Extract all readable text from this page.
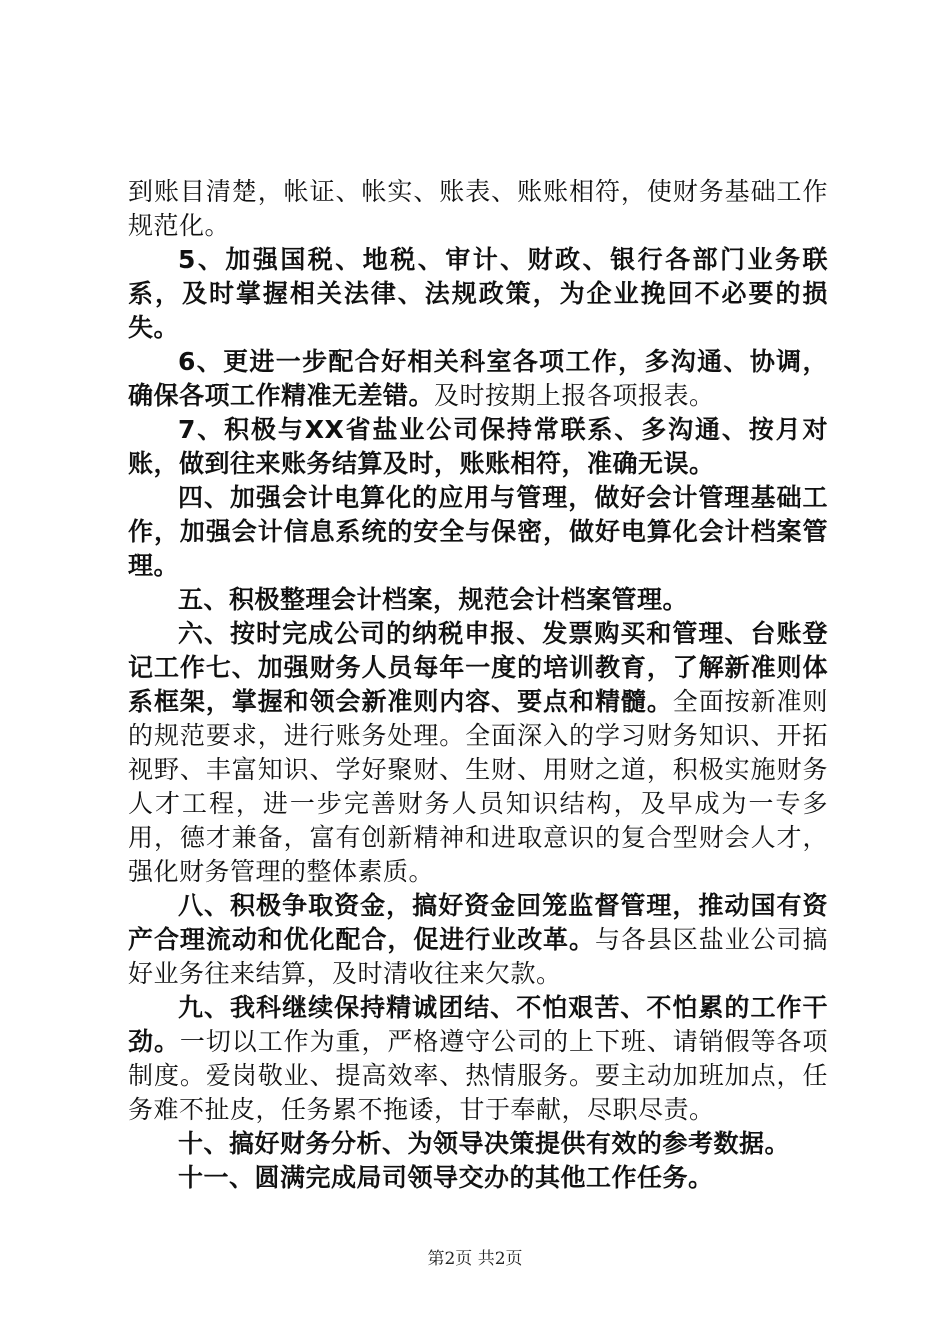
到账目清楚，帐证、帐实、账表、账账相符，使财务基础工作规范化。

5、加强国税、地税、审计、财政、银行各部门业务联系，及时掌握相关法律、法规政策，为企业挽回不必要的损失。

6、更进一步配合好相关科室各项工作，多沟通、协调，确保各项工作精准无差错。及时按期上报各项报表。

7、积极与XX省盐业公司保持常联系、多沟通、按月对账，做到往来账务结算及时，账账相符，准确无误。

四、加强会计电算化的应用与管理，做好会计管理基础工作，加强会计信息系统的安全与保密，做好电算化会计档案管理。

五、积极整理会计档案，规范会计档案管理。

六、按时完成公司的纳税申报、发票购买和管理、台账登记工作七、加强财务人员每年一度的培训教育，了解新准则体系框架，掌握和领会新准则内容、要点和精髓。全面按新准则的规范要求，进行账务处理。全面深入的学习财务知识、开拓视野、丰富知识、学好聚财、生财、用财之道，积极实施财务人才工程，进一步完善财务人员知识结构，及早成为一专多用，德才兼备，富有创新精神和进取意识的复合型财会人才，强化财务管理的整体素质。

八、积极争取资金，搞好资金回笼监督管理，推动国有资产合理流动和优化配合，促进行业改革。与各县区盐业公司搞好业务往来结算，及时清收往来欠款。

九、我科继续保持精诚团结、不怕艰苦、不怕累的工作干劲。一切以工作为重，严格遵守公司的上下班、请销假等各项制度。爱岗敬业、提高效率、热情服务。要主动加班加点，任务难不扯皮，任务累不拖诿，甘于奉献，尽职尽责。

十、搞好财务分析、为领导决策提供有效的参考数据。

十一、圆满完成局司领导交办的其他工作任务。

第2页 共2页
